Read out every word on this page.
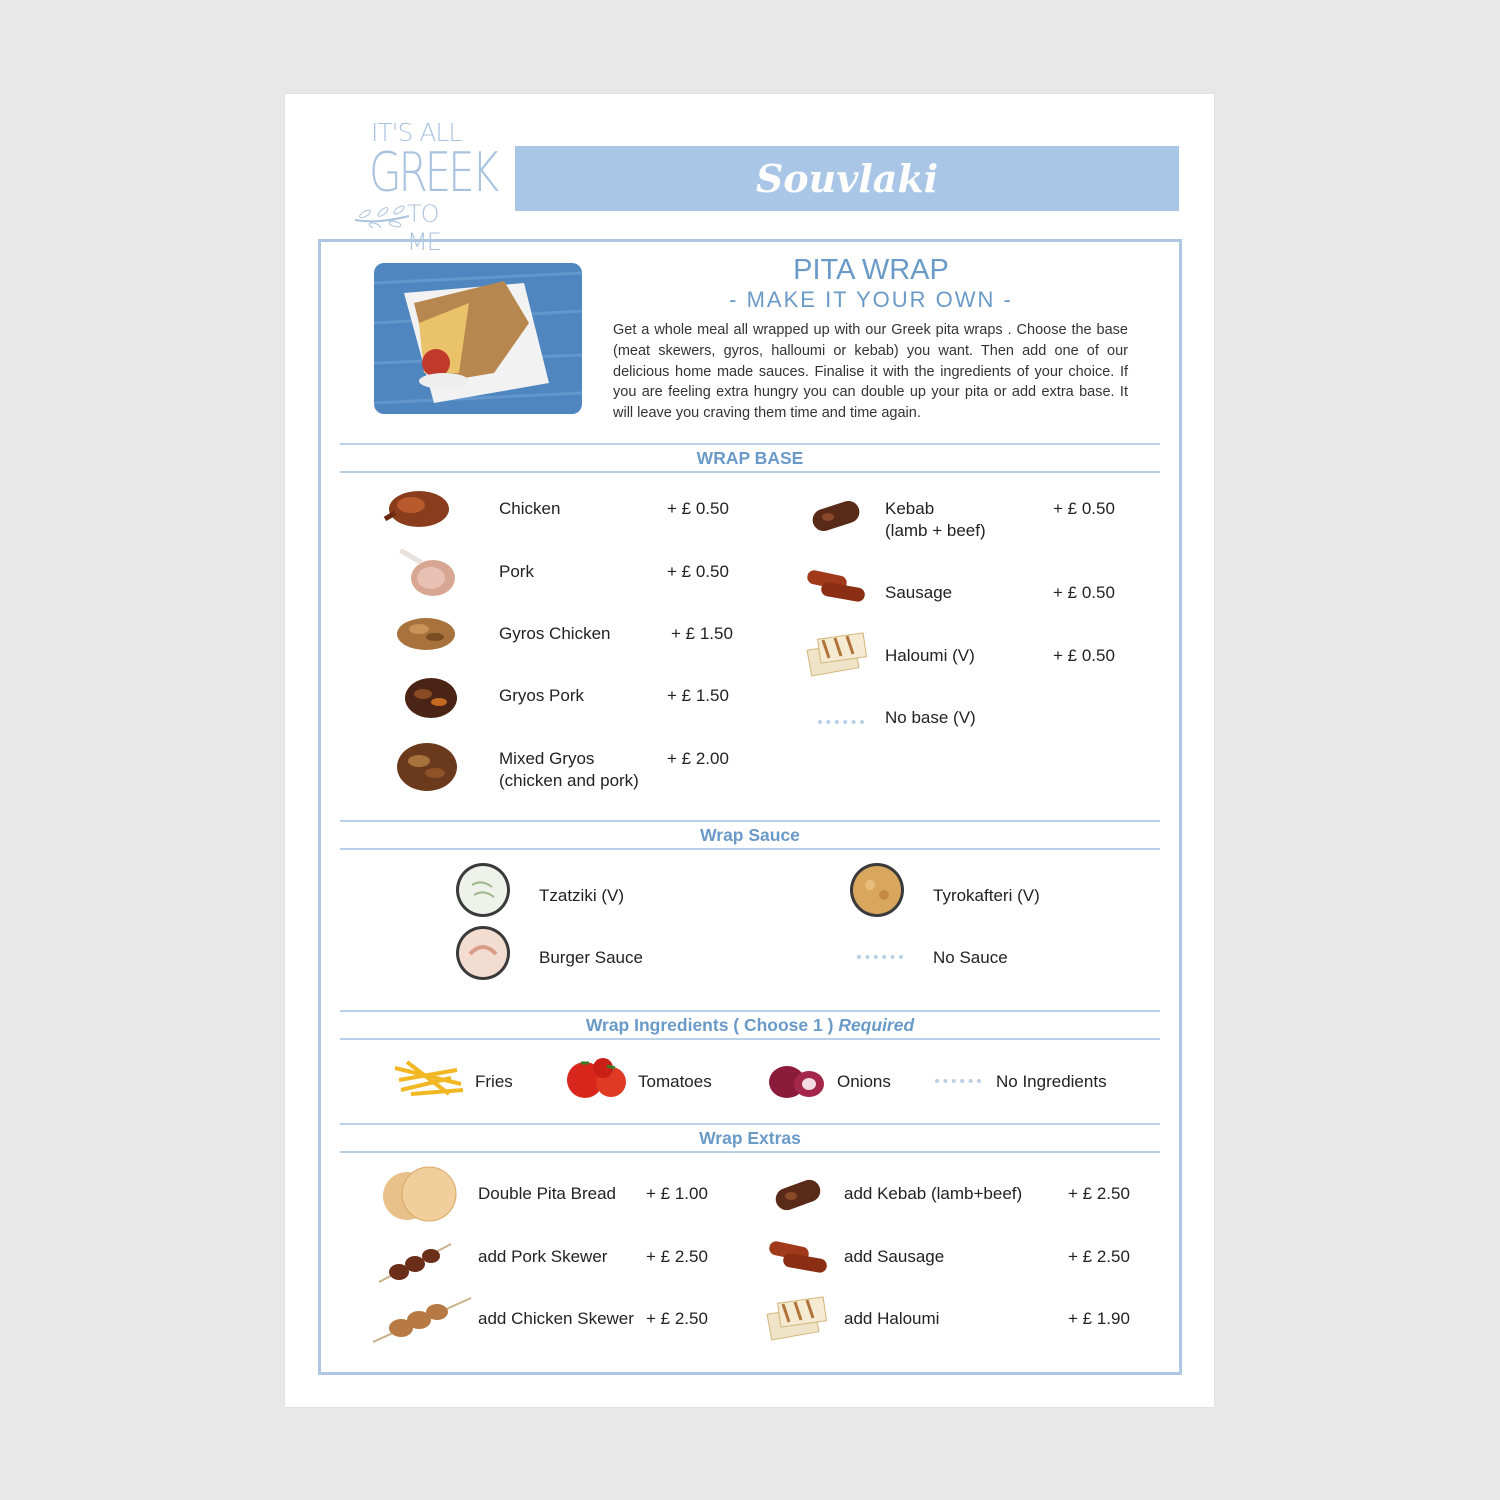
IT'S ALL
GREEK
TO ME
Souvlaki
PITA WRAP
- MAKE IT YOUR OWN -
Get a whole meal all wrapped up with our Greek pita wraps . Choose the base (meat skewers, gyros, halloumi or kebab) you want. Then add one of our delicious home made sauces. Finalise it with the ingredients of your choice. If you are feeling extra hungry you can double up your pita or add extra base. It will leave you craving them time and time again.
WRAP BASE
Chicken	+ £ 0.50
Pork	+ £ 0.50
Gyros Chicken	+ £ 1.50
Gryos Pork	+ £ 1.50
Mixed Gryos
(chicken and pork)
+ £ 2.00
Kebab
(lamb + beef)
+ £ 0.50
Sausage	+ £ 0.50
Haloumi (V)	+ £ 0.50
No base (V)
Wrap Sauce
Tzatziki (V)	Tyrokafteri (V)
Burger Sauce	No Sauce
Wrap Ingredients ( Choose 1 ) Required
Fries	Tomatoes	Onions	No Ingredients
Wrap Extras
Double Pita Bread + £ 1.00
add Pork Skewer + £ 2.50
add Chicken Skewer + £ 2.50
add Kebab (lamb+beef)	+ £ 2.50
add Sausage	+ £ 2.50
add Haloumi	+ £ 1.90
